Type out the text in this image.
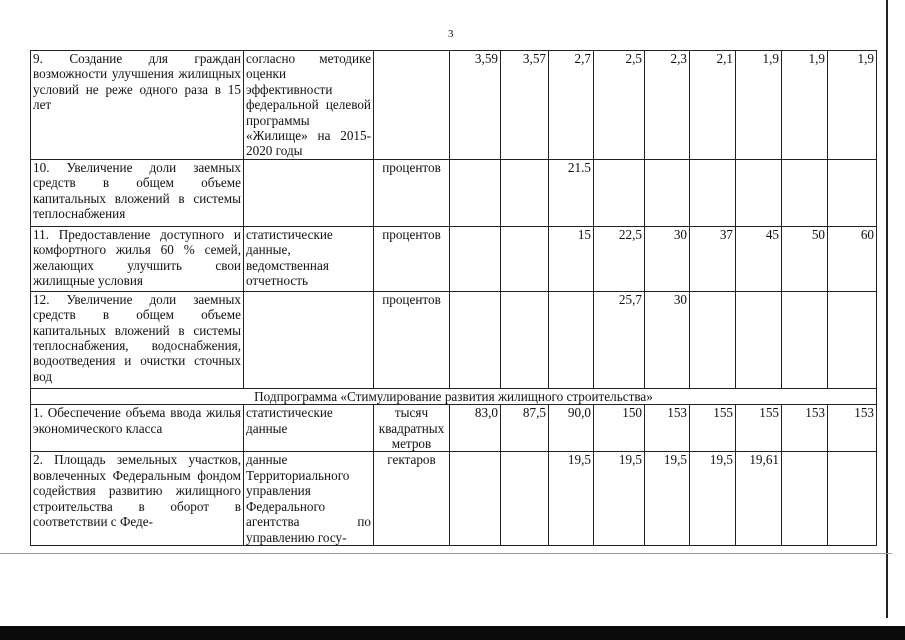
3
9. Создание для граждан возможности улучшения жилищных условий не реже одного раза в 15 лет	согласно методике оценки эффективности федеральной целевой программы «Жилище» на 2015-2020 годы		3,59	3,57	2,7	2,5	2,3	2,1	1,9	1,9	1,9
10. Увеличение доли заемных средств в общем объеме капитальных вложений в системы теплоснабжения		процентов			21.5						
11. Предоставление доступного и комфортного жилья 60 % семей, желающих улучшить свои жилищные условия	статистические данные, ведомственная отчетность	процентов			15	22,5	30	37	45	50	60
12. Увеличение доли заемных средств в общем объеме капитальных вложений в системы теплоснабжения, водоснабжения, водоотведения и очистки сточных вод		процентов				25,7	30				
Подпрограмма «Стимулирование развития жилищного строительства»											
1. Обеспечение объема ввода жилья экономического класса	статистические данные	тысяч квадратных метров	83,0	87,5	90,0	150	153	155	155	153	153
2. Площадь земельных участков, вовлеченных Федеральным фондом содействия развитию жилищного строительства в оборот в соответствии с Феде-	данные Территориального управления Федерального агентства по управлению госу-	гектаров			19,5	19,5	19,5	19,5	19,61		
